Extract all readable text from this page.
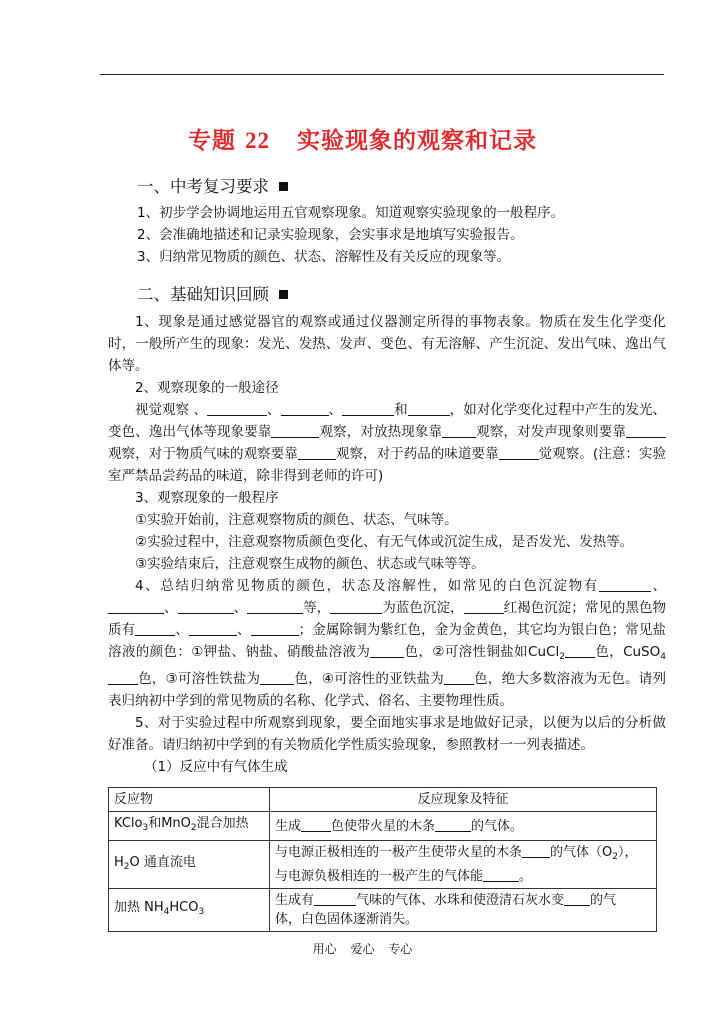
专题 22 实验现象的观察和记录
一、中考复习要求
1、初步学会协调地运用五官观察现象。知道观察实验现象的一般程序。
2、会准确地描述和记录实验现象，会实事求是地填写实验报告。
3、归纳常见物质的颜色、状态、溶解性及有关反应的现象等。
二、基础知识回顾

1、现象是通过感觉器官的观察或通过仪器测定所得的事物表象。物质在发生化学变化时，一般所产生的现象：发光、发热、发声、变色、有无溶解、产生沉淀、发出气味、逸出气体等。

2、观察现象的一般途径

视觉观察 、	、	、	和	，如对化学变化过程中产生的发光、变色、逸出气体等现象要靠	观察，对放热现象靠	观察，对发声现象则要靠观察，对于物质气味的观察要靠	观察，对于药品的味道要靠	觉观察。(注意：实验室严禁品尝药品的味道，除非得到老师的许可)

3、观察现象的一般程序

①实验开始前，注意观察物质的颜色、状态、气味等。

②实验过程中，注意观察物质颜色变化、有无气体或沉淀生成，是否发光、发热等。

③实验结束后，注意观察生成物的颜色、状态或气味等等。

4、总结归纳常见物质的颜色，状态及溶解性，如常见的白色沉淀物有	、、	、	等，	为蓝色沉淀，	红褐色沉淀；常见的黑色物质有	、	、	；金属除铜为紫红色，金为金黄色，其它均为银白色；常见盐溶液的颜色：①钾盐、钠盐、硝酸盐溶液为	色，②可溶性铜盐如CuCl$_2$ 色，CuSO$_4$色，③可溶性铁盐为	色，④可溶性的亚铁盐为 色，绝大多数溶液为无色。请列表归纳初中学到的常见物质的名称、化学式、俗名、主要物理性质。

5、对于实验过程中所观察到现象，要全面地实事求是地做好记录，以便为以后的分析做好准备。请归纳初中学到的有关物质化学性质实验现象，参照教材一一列表描述。

（1）反应中有气体生成

反应物	反应现象及特征
KClo$_3$和MnO$_2$混合加热	生成 色使带火星的木条 的气体。
$H_2O$ 通直流电	与电源正极相连的一极产生使带火星的木条 的气体$(O_2)$，
与电源负极相连的一极产生的气体能 。
加热 $NH_4HCO_3$	生成有 气味的气体、水珠和使澄清石灰水变 的气
体，白色固体逐渐消失。
用心 爱心 专心
